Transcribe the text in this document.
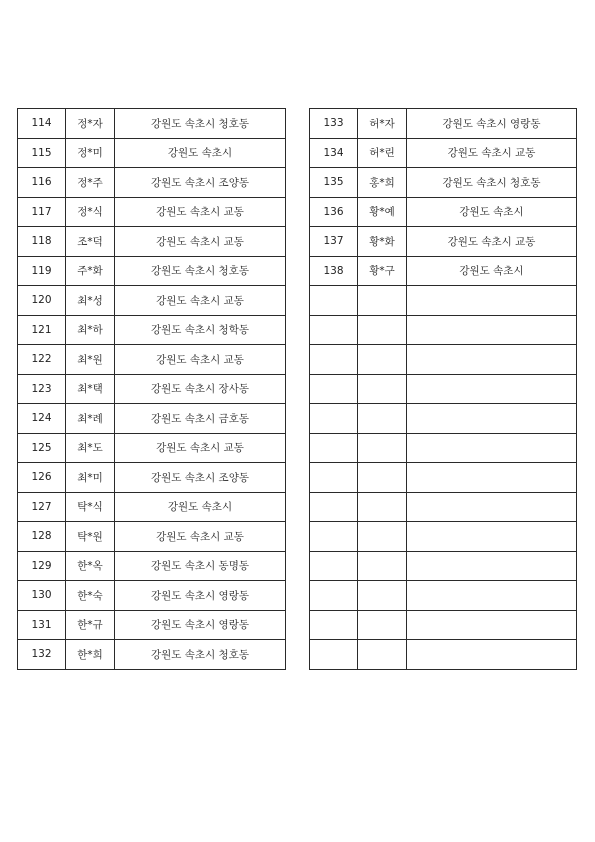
114	정*자	강원도 속초시 청호동
115	정*미	강원도 속초시
116	정*주	강원도 속초시 조양동
117	정*식	강원도 속초시 교동
118	조*덕	강원도 속초시 교동
119	주*화	강원도 속초시 청호동
120	최*성	강원도 속초시 교동
121	최*하	강원도 속초시 청학동
122	최*원	강원도 속초시 교동
123	최*택	강원도 속초시 장사동
124	최*례	강원도 속초시 금호동
125	최*도	강원도 속초시 교동
126	최*미	강원도 속초시 조양동
127	탁*식	강원도 속초시
128	탁*원	강원도 속초시 교동
129	한*옥	강원도 속초시 동명동
130	한*숙	강원도 속초시 영랑동
131	한*규	강원도 속초시 영랑동
132	한*희	강원도 속초시 청호동
133	허*자	강원도 속초시 영랑동
134	허*린	강원도 속초시 교동
135	홍*희	강원도 속초시 청호동
136	황*예	강원도 속초시
137	황*화	강원도 속초시 교동
138	황*구	강원도 속초시
